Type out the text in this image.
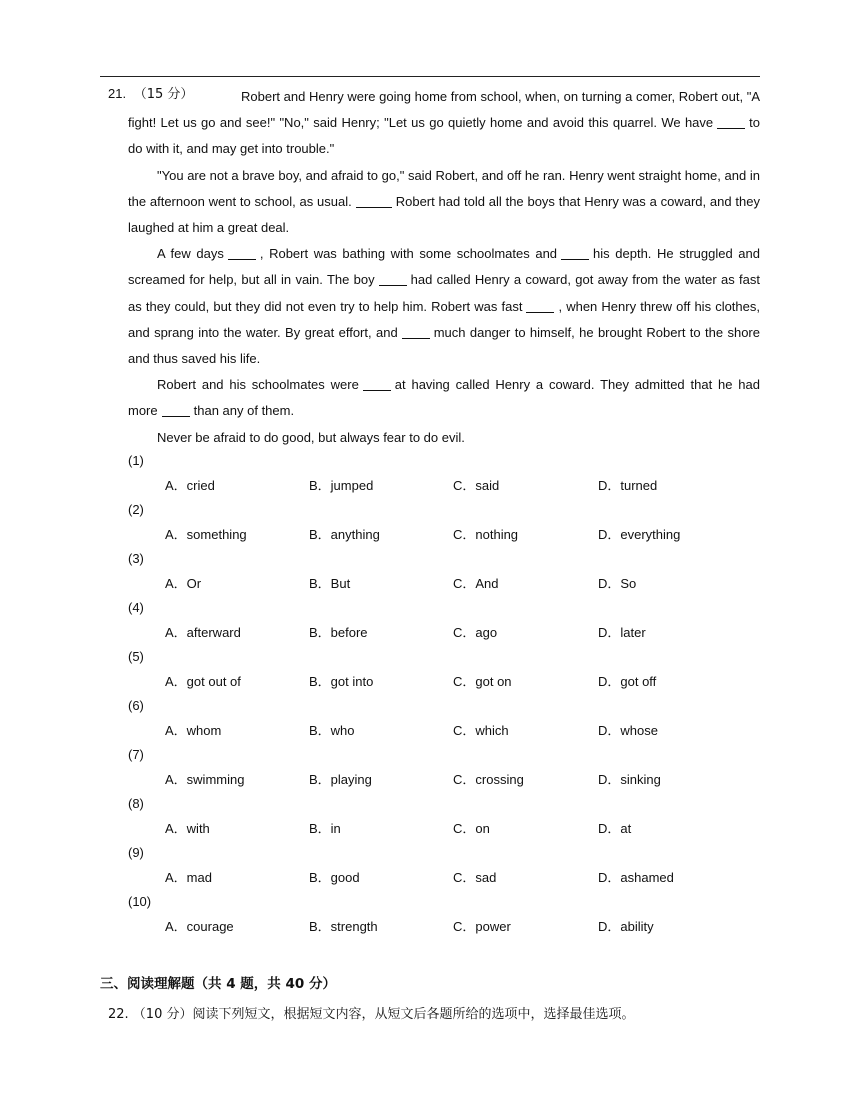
21. （15 分）	Robert and Henry were going home from school, when, on turning a comer, Robert out, "A fight! Let us go and see!" "No," said Henry; "Let us go quietly home and avoid this quarrel. We have	to do with it, and may get into trouble."

"You are not a brave boy, and afraid to go," said Robert, and off he ran. Henry went straight home, and in the afternoon went to school, as usual.	Robert had told all the boys that Henry was a coward, and they laughed at him a great deal.

A few days	, Robert was bathing with some schoolmates and	his depth. He struggled and screamed for help, but all in vain. The boy	had called Henry a coward, got away from the water as fast as they could, but they did not even try to help him. Robert was fast	, when Henry threw off his clothes, and sprang into the water. By great effort, and	much danger to himself, he brought Robert to the shore and thus saved his life.

Robert and his schoolmates were	at having called Henry a coward. They admitted that he had more	than any of them.

Never be afraid to do good, but always fear to do evil.

(1)
A．cried	B．jumped	C．said	D．turned
(2)
A．something	B．anything	C．nothing	D．everything
(3)
A．Or	B．But	C．And	D．So
(4)
A．afterward	B．before	C．ago	D．later
(5)
A．got out of	B．got into	C．got on	D．got off
(6)
A．whom	B．who	C．which	D．whose
(7)
A．swimming	B．playing	C．crossing	D．sinking
(8)
A．with	B．in	C．on	D．at
(9)
A．mad	B．good	C．sad	D．ashamed
(10)
A．courage	B．strength	C．power	D．ability
三、阅读理解题（共 4 题，共 40 分）
22. （10 分）阅读下列短文，根据短文内容，从短文后各题所给的选项中，选择最佳选项。
